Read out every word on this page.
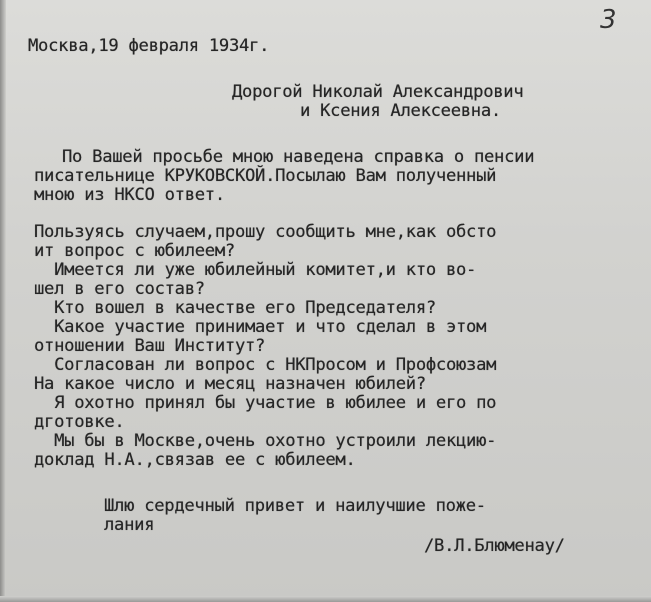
3
Москва,19 февраля 1934г.
Дорогой Николай Александрович
и Ксения Алексеевна.
По Вашей просьбе мною наведена справка о пенсии
писательнице КРУКОВСКОЙ.Посылаю Вам полученный
мною из НКСО ответ.
Пользуясь случаем,прошу сообщить мне,как обсто
ит вопрос с юбилеем?
Имеется ли уже юбилейный комитет,и кто во-
шел в его состав?
Кто вошел в качестве его Председателя?
Какое участие принимает и что сделал в этом
отношении Ваш Институт?
Согласован ли вопрос с НКПросом и Профсоюзам
На какое число и месяц назначен юбилей?
Я охотно принял бы участие в юбилее и его по
дготовке.
Мы бы в Москве,очень охотно устроили лекцию-
доклад Н.А.,связав ее с юбилеем.
Шлю сердечный привет и наилучшие поже-
лания
/В.Л.Блюменау/
